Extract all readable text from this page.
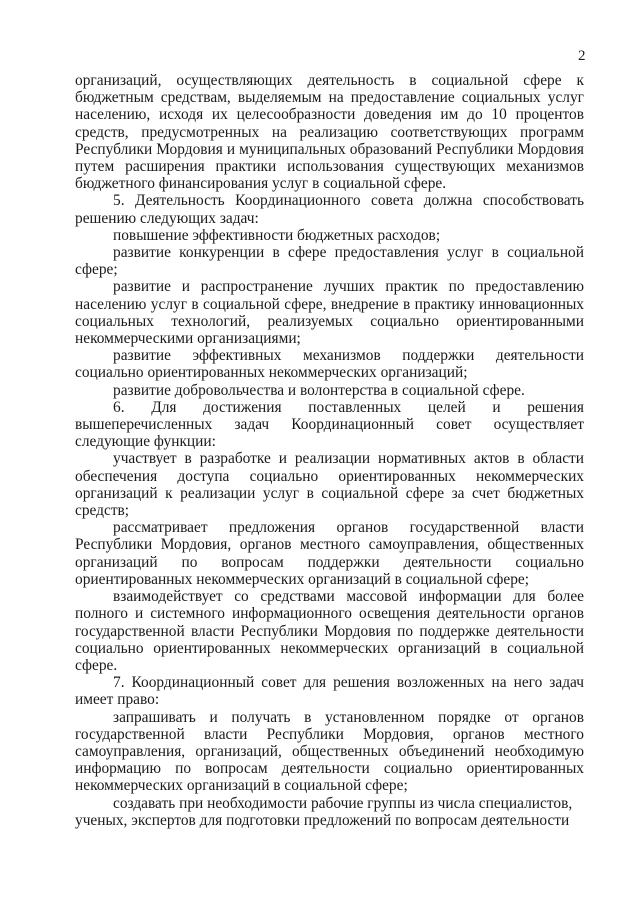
2

организаций, осуществляющих деятельность в социальной сфере к бюджетным средствам, выделяемым на предоставление социальных услуг населению, исходя их целесообразности доведения им до 10 процентов средств, предусмотренных на реализацию соответствующих программ Республики Мордовия и муниципальных образований Республики Мордовия путем расширения практики использования существующих механизмов бюджетного финансирования услуг в социальной сфере.

5. Деятельность Координационного совета должна способствовать решению следующих задач:

повышение эффективности бюджетных расходов;

развитие конкуренции в сфере предоставления услуг в социальной сфере;

развитие и распространение лучших практик по предоставлению населению услуг в социальной сфере, внедрение в практику инновационных социальных технологий, реализуемых социально ориентированными некоммерческими организациями;

развитие эффективных механизмов поддержки деятельности социально ориентированных некоммерческих организаций;

развитие добровольчества и волонтерства в социальной сфере.

6. Для достижения поставленных целей и решения вышеперечисленных задач Координационный совет осуществляет следующие функции:

участвует в разработке и реализации нормативных актов в области обеспечения доступа социально ориентированных некоммерческих организаций к реализации услуг в социальной сфере за счет бюджетных средств;

рассматривает предложения органов государственной власти Республики Мордовия, органов местного самоуправления, общественных организаций по вопросам поддержки деятельности социально ориентированных некоммерческих организаций в социальной сфере;

взаимодействует со средствами массовой информации для более полного и системного информационного освещения деятельности органов государственной власти Республики Мордовия по поддержке деятельности социально ориентированных некоммерческих организаций в социальной сфере.

7. Координационный совет для решения возложенных на него задач имеет право:

запрашивать и получать в установленном порядке от органов государственной власти Республики Мордовия, органов местного самоуправления, организаций, общественных объединений необходимую информацию по вопросам деятельности социально ориентированных некоммерческих организаций в социальной сфере;

создавать при необходимости рабочие группы из числа специалистов, ученых, экспертов для подготовки предложений по вопросам деятельности
